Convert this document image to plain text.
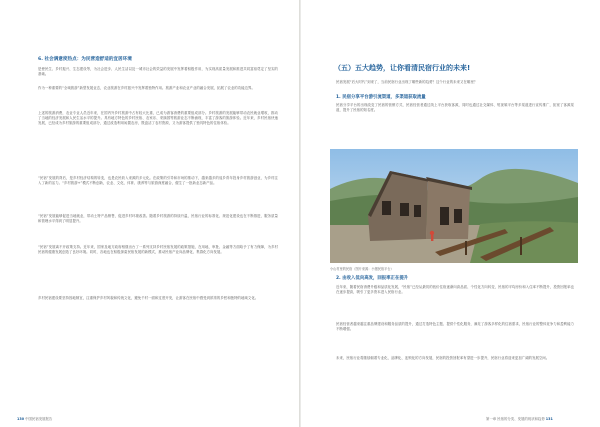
6. 社会满意度热点：为民营造舒适的宜居环境
是使民生、乡村振兴、生态建设等，为社会进步、人民生活以及一城市社会的效益的发展中发挥着积极作用，为实现高质量发展和推进共同富裕奠定了坚实的基础。
作为一种重要的“全域旅游”新型发展业态，农业旅游在乡村振兴中发挥着独特作用。旅游产业和农业产业的融合发展，拓展了农业的功能边界。
上述的旅游消费，农业专业人员近年来，在国内外乡村旅游中占有较大比重，已成为游客消费的重要组成部分。乡村旅游的发展能够带动农民就业增收，推动了当地的经济发展和人民生活水平的提升。具有地方特色的乡村民宿、农家乐、采摘园等旅游业态不断涌现，丰富了游客的旅游体验。近年来，乡村民宿快速发展，已经成为乡村旅游的重要组成部分，通过改造利用闲置农房，既盘活了农村资源，又为游客提供了独具特色的住宿体验。
“民宿”发展的背后，是乡村经济结构的转变，也是农民收入来源的多元化。在政策的引导和市场的推动下，越来越多的返乡青年投身乡村旅游创业，为乡村注入了新的活力。“乡村旅游+”模式不断创新，农业、文化、体育、康养等与旅游深度融合，催生了一批新业态新产品。
“民宿”发展能够促进当地就业，带动土特产品销售，促进乡村环境改善。随着乡村旅游的持续升温，民宿行业的标准化、规范化建设也在不断推进，服务质量和管理水平得到了明显提升。
“民宿”发展离不开政策支持。近年来，国家及地方政府相继出台了一系列支持乡村民宿发展的政策措施，在用地、审批、金融等方面给予了有力保障，为乡村民宿的健康发展创造了良好环境。同时，各地也在积极探索民宿发展的新模式，推动民宿产业向品牌化、集群化方向发展。
乡村民宿建设要坚持因地制宜，注重保护乡村风貌和传统文化，避免千村一面和过度开发，让游客在民宿中感受到浓浓的乡愁和独特的地域文化。
130 中国民宿发展报告
（五）五大趋势，让你看清民宿行业的未来!
民宿发展“后大时代”到来了，当前民宿行业出现了哪些新的趋势？这个行业的未来又在哪里？
1. 民宿分享平台游引流渠道，多渠道获取流量
民宿分享平台的出现改变了民宿的营销方式，民宿经营者通过线上平台获取客源，同时也通过社交媒体、短视频平台等多渠道进行宣传推广，拓宽了客源渠道，提升了民宿的知名度。
小山村里的民宿（图片来源：小猪民宿平台）
2. 由收入低向高发，回报率正在提升
近年来，随着民宿消费升级和品质化发展，“民宿”已经从最初的低价住宿逐渐向高品质、个性化方向转变，民宿的平均房价和入住率不断提升，投资回报率也在逐步提高，吸引了更多资本进入民宿行业。
民宿经营者越来越注重品牌建设和服务品质的提升，通过打造特色主题、提供个性化服务，满足了游客多样化的住宿需求，民宿行业的整体竞争力和盈利能力不断增强。
未来，民宿行业将继续朝着专业化、品牌化、连锁化的方向发展，民宿的投资回报率有望进一步提升，民宿行业将迎来更加广阔的发展空间。
第一章 民宿的分类、发展的现状和趋势 131
